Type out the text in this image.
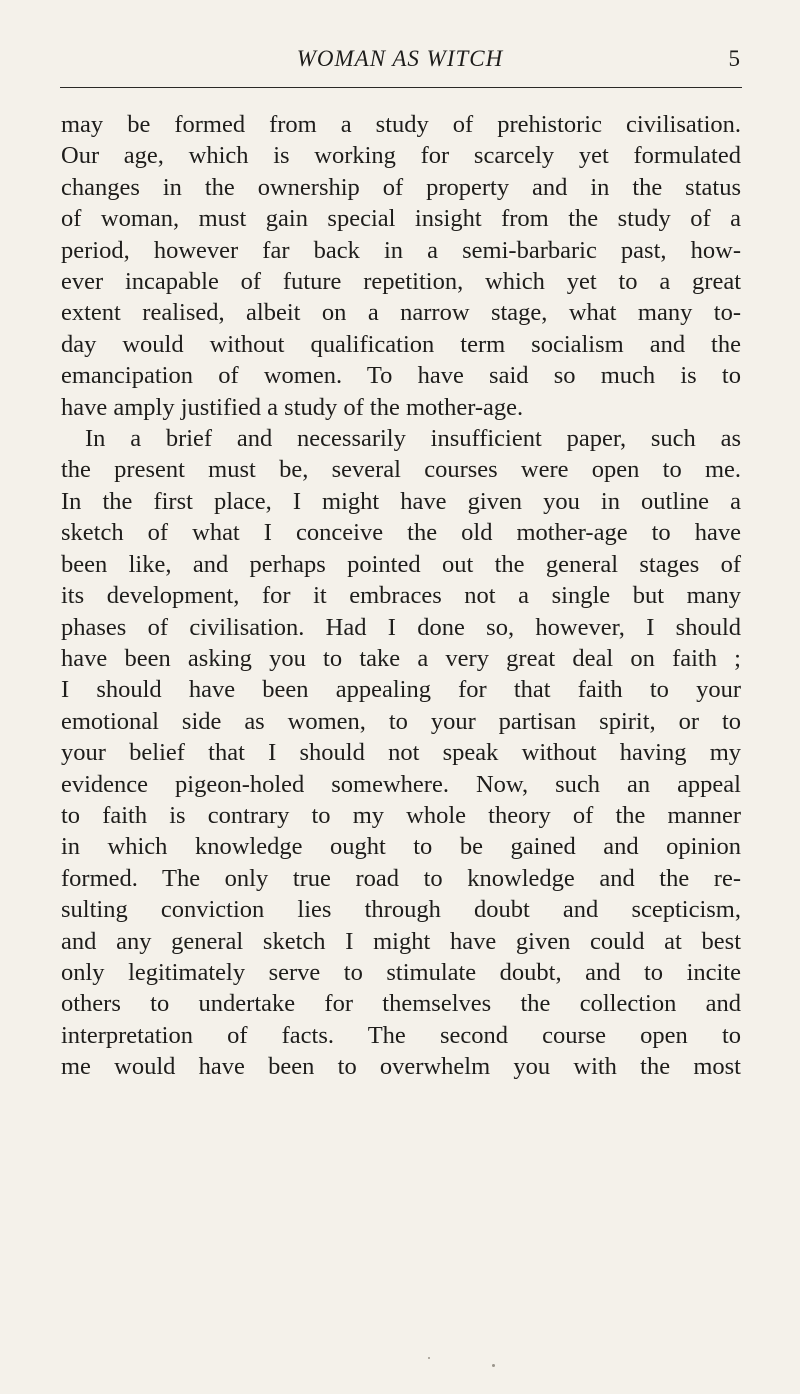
WOMAN AS WITCH	5
may be formed from a study of prehistoric civilisation.
Our age, which is working for scarcely yet formulated
changes in the ownership of property and in the status
of woman, must gain special insight from the study of a
period, however far back in a semi-barbaric past, how-
ever incapable of future repetition, which yet to a great
extent realised, albeit on a narrow stage, what many to-
day would without qualification term socialism and the
emancipation of women. To have said so much is to
have amply justified a study of the mother-age.
In a brief and necessarily insufficient paper, such as
the present must be, several courses were open to me.
In the first place, I might have given you in outline a
sketch of what I conceive the old mother-age to have
been like, and perhaps pointed out the general stages of
its development, for it embraces not a single but many
phases of civilisation. Had I done so, however, I should
have been asking you to take a very great deal on faith ;
I should have been appealing for that faith to your
emotional side as women, to your partisan spirit, or to
your belief that I should not speak without having my
evidence pigeon-holed somewhere. Now, such an appeal
to faith is contrary to my whole theory of the manner
in which knowledge ought to be gained and opinion
formed. The only true road to knowledge and the re-
sulting conviction lies through doubt and scepticism,
and any general sketch I might have given could at best
only legitimately serve to stimulate doubt, and to incite
others to undertake for themselves the collection and
interpretation of facts. The second course open to
me would have been to overwhelm you with the most
